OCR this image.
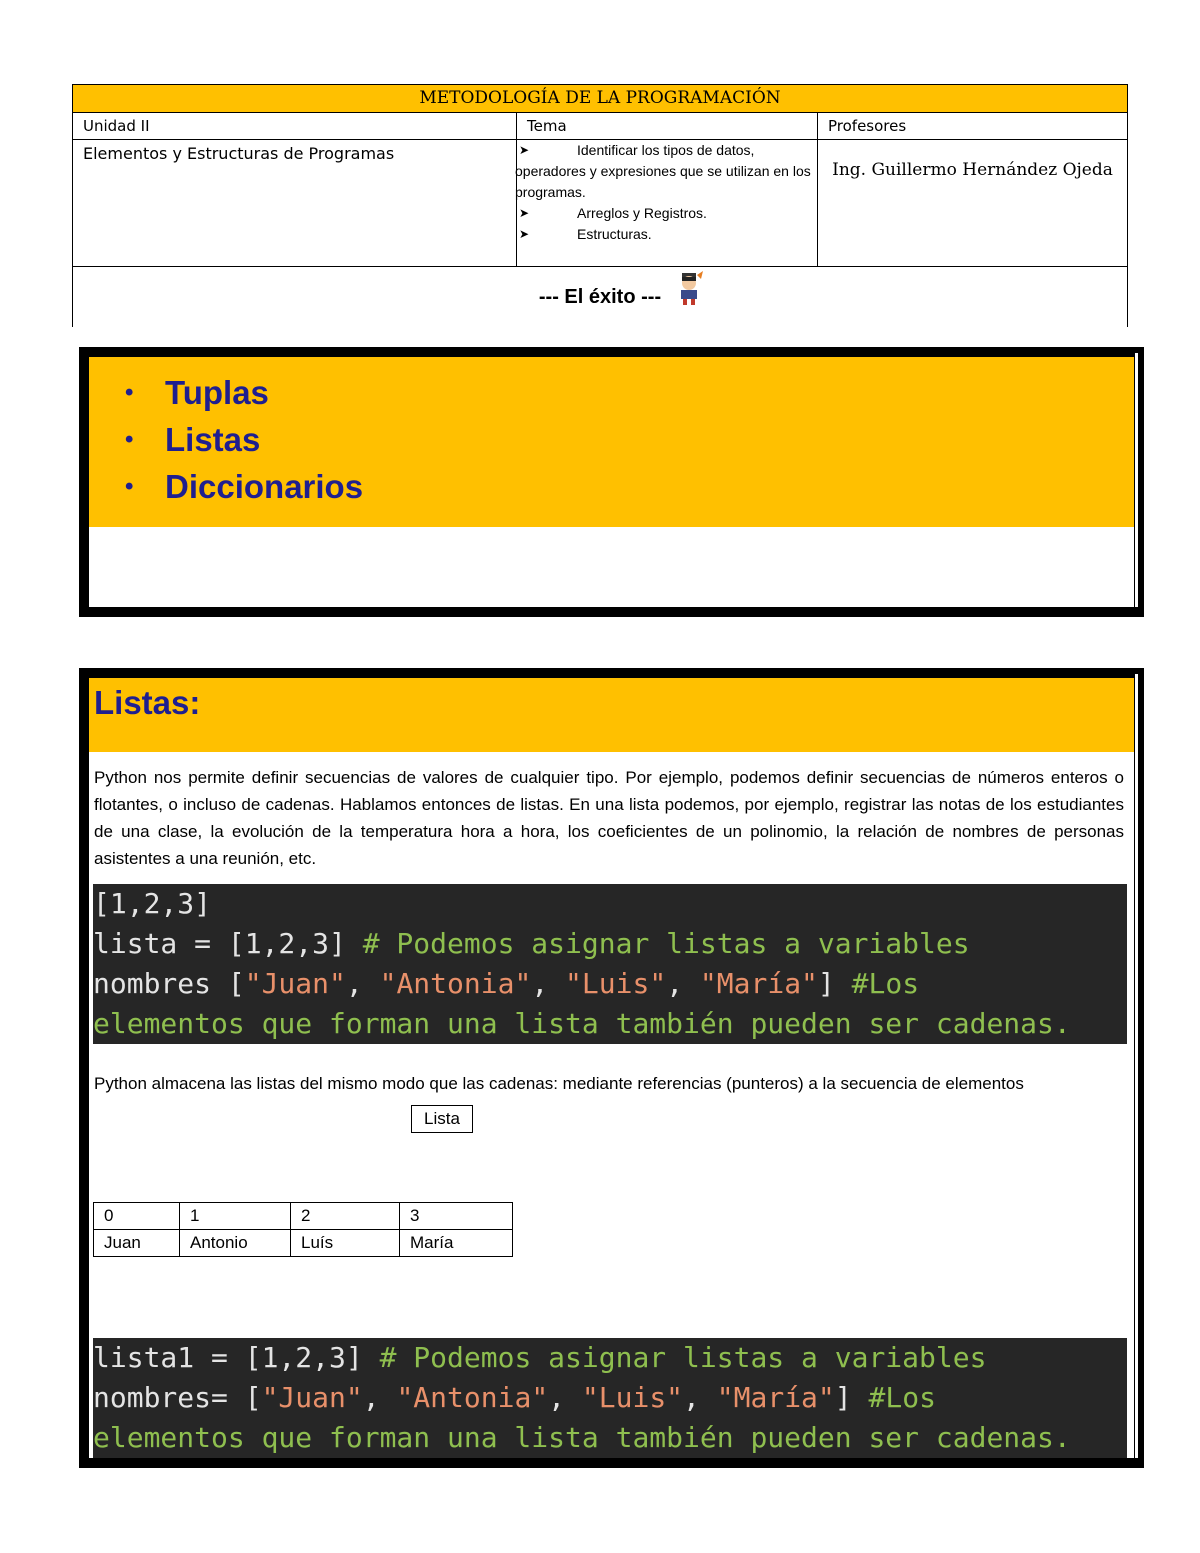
METODOLOGÍA DE LA PROGRAMACIÓN		
Unidad II	Tema	Profesores
Elementos y Estructuras de Programas	➤ Identificar los tipos de datos,
operadores y expresiones que se utilizan en los programas.
➤ Arreglos y Registros.
➤ Estructuras.	Ing. Guillermo Hernández Ojeda
--- El éxito ---		
• Tuplas
• Listas
• Diccionarios
Listas:
Python nos permite definir secuencias de valores de cualquier tipo. Por ejemplo, podemos definir secuencias de números enteros o flotantes, o incluso de cadenas. Hablamos entonces de listas. En una lista podemos, por ejemplo, registrar las notas de los estudiantes de una clase, la evolución de la temperatura hora a hora, los coeficientes de un polinomio, la relación de nombres de personas asistentes a una reunión, etc.
[1,2,3]
lista = [1,2,3] # Podemos asignar listas a variables
nombres ["Juan", "Antonia", "Luis", "María"] #Los
elementos que forman una lista también pueden ser cadenas.
Python almacena las listas del mismo modo que las cadenas: mediante referencias (punteros) a la secuencia de elementos
Lista
0	1	2	3
Juan	Antonio	Luís	María
lista1 = [1,2,3] # Podemos asignar listas a variables
nombres= ["Juan", "Antonia", "Luis", "María"] #Los
elementos que forman una lista también pueden ser cadenas.
